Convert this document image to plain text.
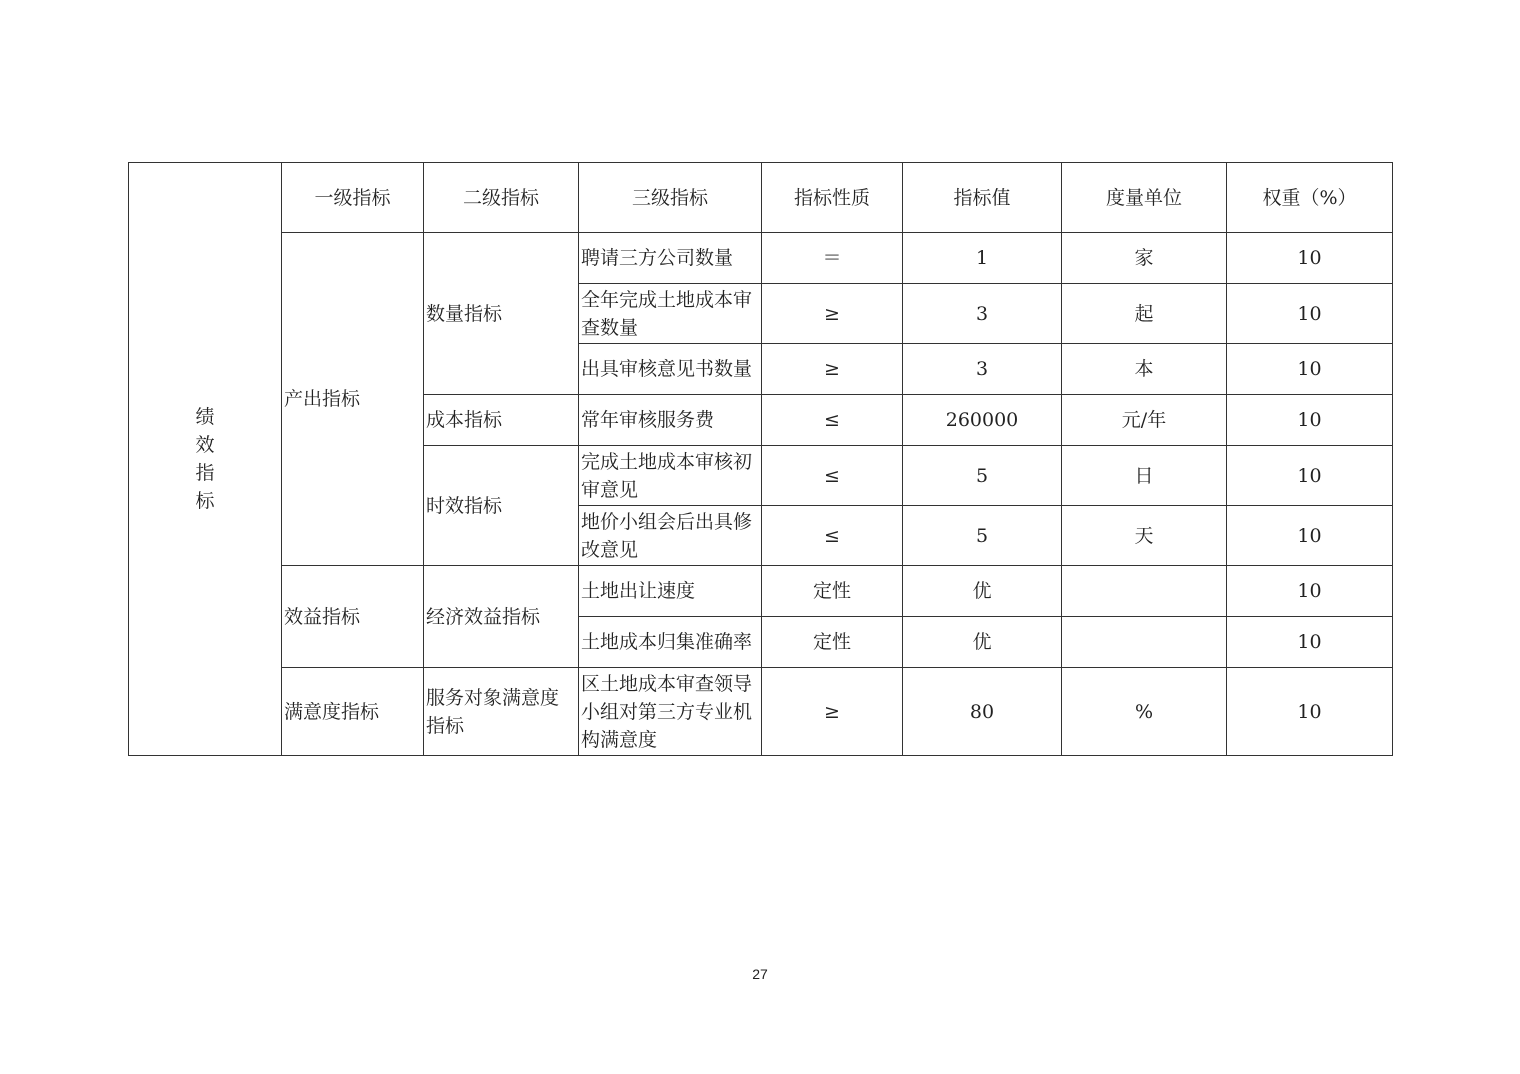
绩
效
指
标	一级指标	二级指标	三级指标	指标性质	指标值	度量单位	权重（%）
	产出指标	数量指标	聘请三方公司数量	＝	1	家	10
			全年完成土地成本审查数量	≥	3	起	10
			出具审核意见书数量	≥	3	本	10
		成本指标	常年审核服务费	≤	260000	元/年	10
		时效指标	完成土地成本审核初审意见	≤	5	日	10
			地价小组会后出具修改意见	≤	5	天	10
	效益指标	经济效益指标	土地出让速度	定性	优		10
			土地成本归集准确率	定性	优		10
	满意度指标	服务对象满意度指标	区土地成本审查领导小组对第三方专业机构满意度	≥	80	%	10
27
